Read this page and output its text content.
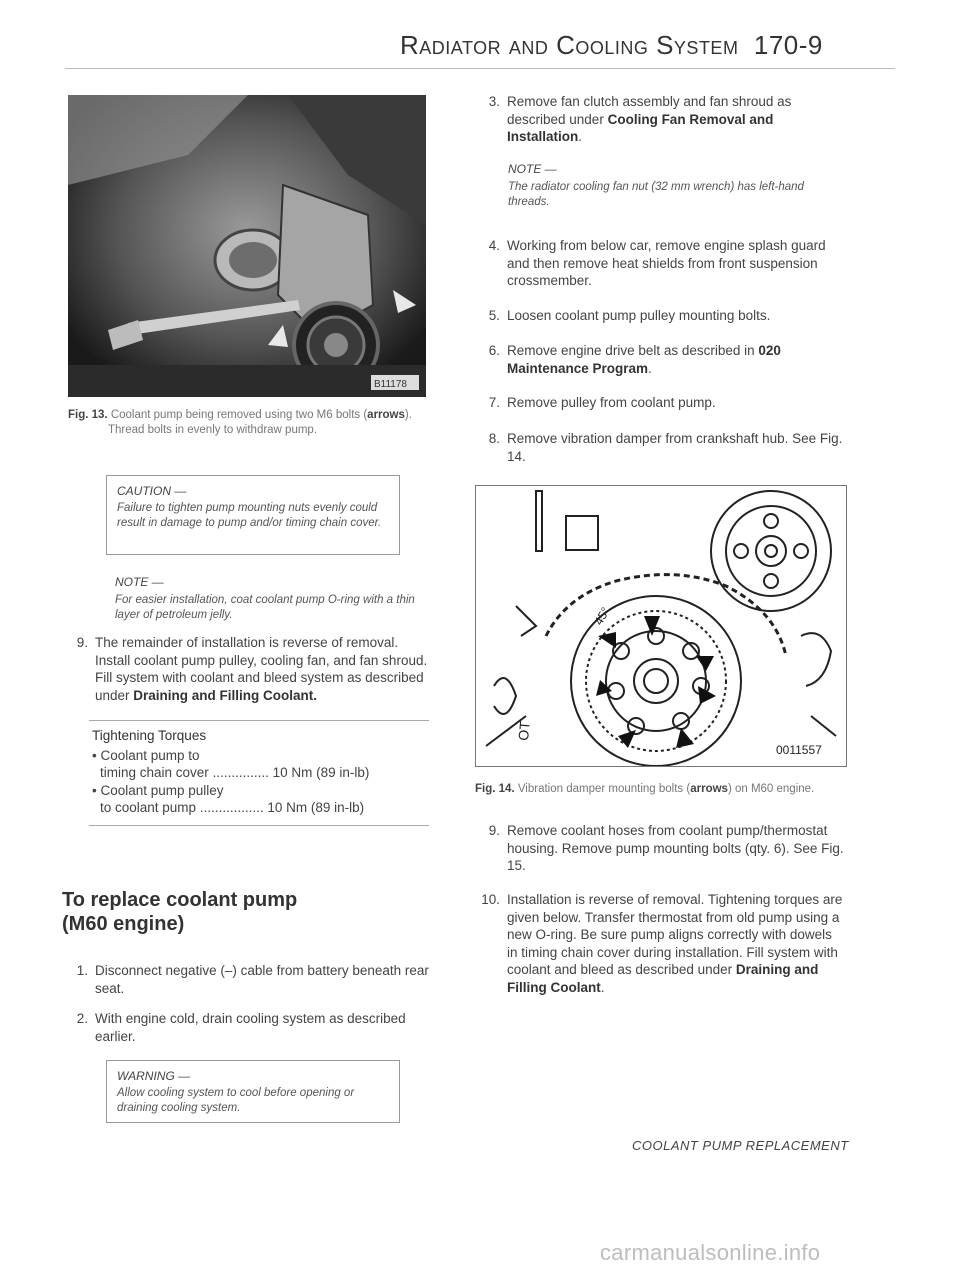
Radiator and Cooling System 170-9
B11178
Fig. 13. Coolant pump being removed using two M6 bolts (arrows).
Thread bolts in evenly to withdraw pump.
CAUTION —
Failure to tighten pump mounting nuts evenly could result in damage to pump and/or timing chain cover.
NOTE —
For easier installation, coat coolant pump O-ring with a thin layer of petroleum jelly.
9. The remainder of installation is reverse of removal. Install coolant pump pulley, cooling fan, and fan shroud. Fill system with coolant and bleed system as described under Draining and Filling Coolant.
Tightening Torques
• Coolant pump to
timing chain cover ............... 10 Nm (89 in-lb)
• Coolant pump pulley
to coolant pump ................. 10 Nm (89 in-lb)
To replace coolant pump
(M60 engine)
1. Disconnect negative (–) cable from battery beneath rear seat.
2. With engine cold, drain cooling system as described earlier.
WARNING —
Allow cooling system to cool before opening or draining cooling system.
3. Remove fan clutch assembly and fan shroud as described under Cooling Fan Removal and Installation.
NOTE —
The radiator cooling fan nut (32 mm wrench) has left-hand threads.
4. Working from below car, remove engine splash guard and then remove heat shields from front suspension crossmember.
5. Loosen coolant pump pulley mounting bolts.
6. Remove engine drive belt as described in 020 Maintenance Program.
7. Remove pulley from coolant pump.
8. Remove vibration damper from crankshaft hub. See Fig. 14.
45°
OT
0011557
Fig. 14. Vibration damper mounting bolts (arrows) on M60 engine.
9. Remove coolant hoses from coolant pump/thermostat housing. Remove pump mounting bolts (qty. 6). See Fig. 15.
10. Installation is reverse of removal. Tightening torques are given below. Transfer thermostat from old pump using a new O-ring. Be sure pump aligns correctly with dowels in timing chain cover during installation. Fill system with coolant and bleed as described under Draining and Filling Coolant.
COOLANT PUMP REPLACEMENT
carmanualsonline.info
